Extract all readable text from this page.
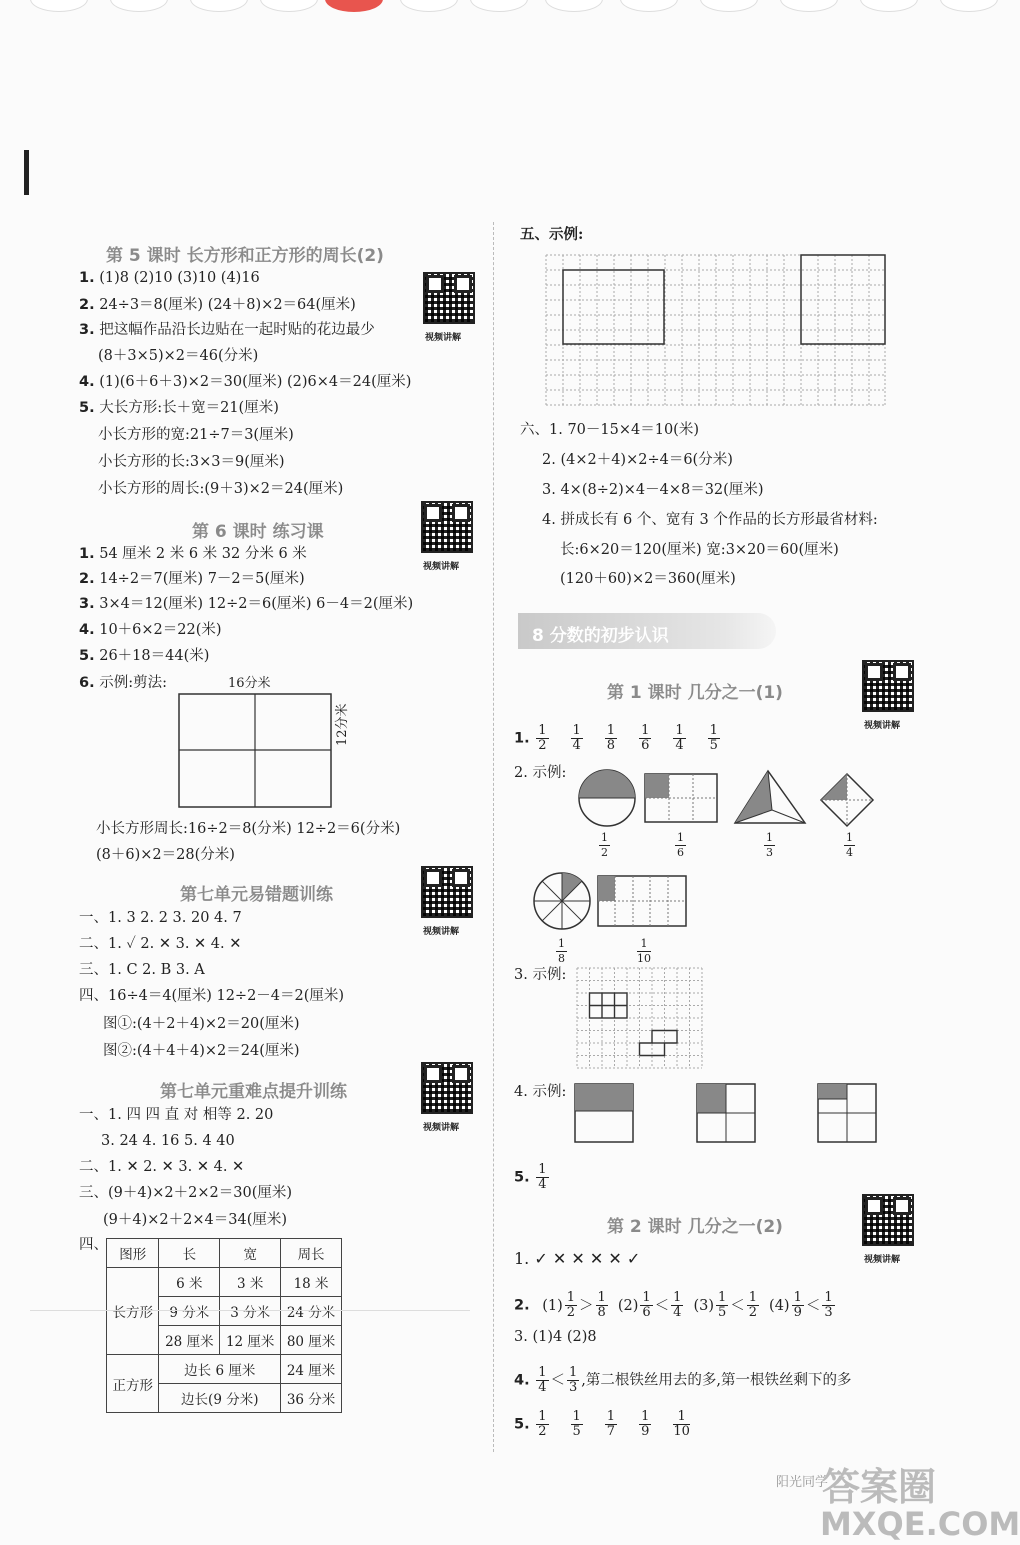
第 5 课时 长方形和正方形的周长(2)
视频讲解
1. (1)8 (2)10 (3)10 (4)16
2. 24÷3＝8(厘米) (24＋8)×2＝64(厘米)
3. 把这幅作品沿长边贴在一起时贴的花边最少
(8＋3×5)×2＝46(分米)
4. (1)(6＋6＋3)×2＝30(厘米) (2)6×4＝24(厘米)
5. 大长方形:长＋宽＝21(厘米)
小长方形的宽:21÷7＝3(厘米)
小长方形的长:3×3＝9(厘米)
小长方形的周长:(9＋3)×2＝24(厘米)
第 6 课时 练习课
视频讲解
1. 54 厘米 2 米 6 米 32 分米 6 米
2. 14÷2＝7(厘米) 7－2＝5(厘米)
3. 3×4＝12(厘米) 12÷2＝6(厘米) 6－4＝2(厘米)
4. 10＋6×2＝22(米)
5. 26＋18＝44(米)
6. 示例:剪法:	16分米
12分米
小长方形周长:16÷2＝8(分米) 12÷2＝6(分米)
(8＋6)×2＝28(分米)
第七单元易错题训练
视频讲解
一、1. 3 2. 2 3. 20 4. 7
二、1. ✓ 2. ✕ 3. ✕ 4. ✕
三、1. C 2. B 3. A
四、16÷4＝4(厘米) 12÷2－4＝2(厘米)
图①:(4＋2＋4)×2＝20(厘米)
图②:(4＋4＋4)×2＝24(厘米)
第七单元重难点提升训练
视频讲解
一、1. 四 四 直 对 相等 2. 20
3. 24 4. 16 5. 4 40
二、1. ✕ 2. ✕ 3. ✕ 4. ✕
三、(9＋4)×2＋2×2＝30(厘米)
(9＋4)×2＋2×4＝34(厘米)
四、
图形	长	宽	周长
长方形	6 米	3 米	18 米
	9 分米	3 分米	24 分米
	28 厘米	12 厘米	80 厘米
正方形	边长 6 厘米		24 厘米
	边长(9 分米)		36 分米
五、示例:
六、1. 70－15×4＝10(米)
2. (4×2＋4)×2÷4＝6(分米)
3. 4×(8÷2)×4－4×8＝32(厘米)
4. 拼成长有 6 个、宽有 3 个作品的长方形最省材料:
长:6×20＝120(厘米) 宽:3×20＝60(厘米)
(120＋60)×2＝360(厘米)
8 分数的初步认识
第 1 课时 几分之一(1)
视频讲解
1. $\frac{1}{2} \frac{1}{4} \frac{1}{8} \frac{1}{6} \frac{1}{4} \frac{1}{5}$
2. 示例:
$\frac{1}{2}$	$\frac{1}{6}$	$\frac{1}{3}$	$\frac{1}{4}$
$\frac{1}{8}$	$\frac{1}{10}$
3. 示例:
4. 示例:
5. $\frac{1}{4}$
第 2 课时 几分之一(2)
视频讲解
1. ✓ ✕ ✕ ✕ ✕ ✓
2. $(1) \frac{1}{2} > \frac{1}{8} (2) \frac{1}{6} < \frac{1}{4} (3) \frac{1}{5} < \frac{1}{2} (4) \frac{1}{9} < \frac{1}{3}$
3. (1)4 (2)8
4. $\frac{1}{4} < \frac{1}{3}$ ,第二根铁丝用去的多,第一根铁丝剩下的多
5. $\frac{1}{2} \frac{1}{5} \frac{1}{7} \frac{1}{9} \frac{1}{10}$
阳光同学
答案圈
MXQE.COM
